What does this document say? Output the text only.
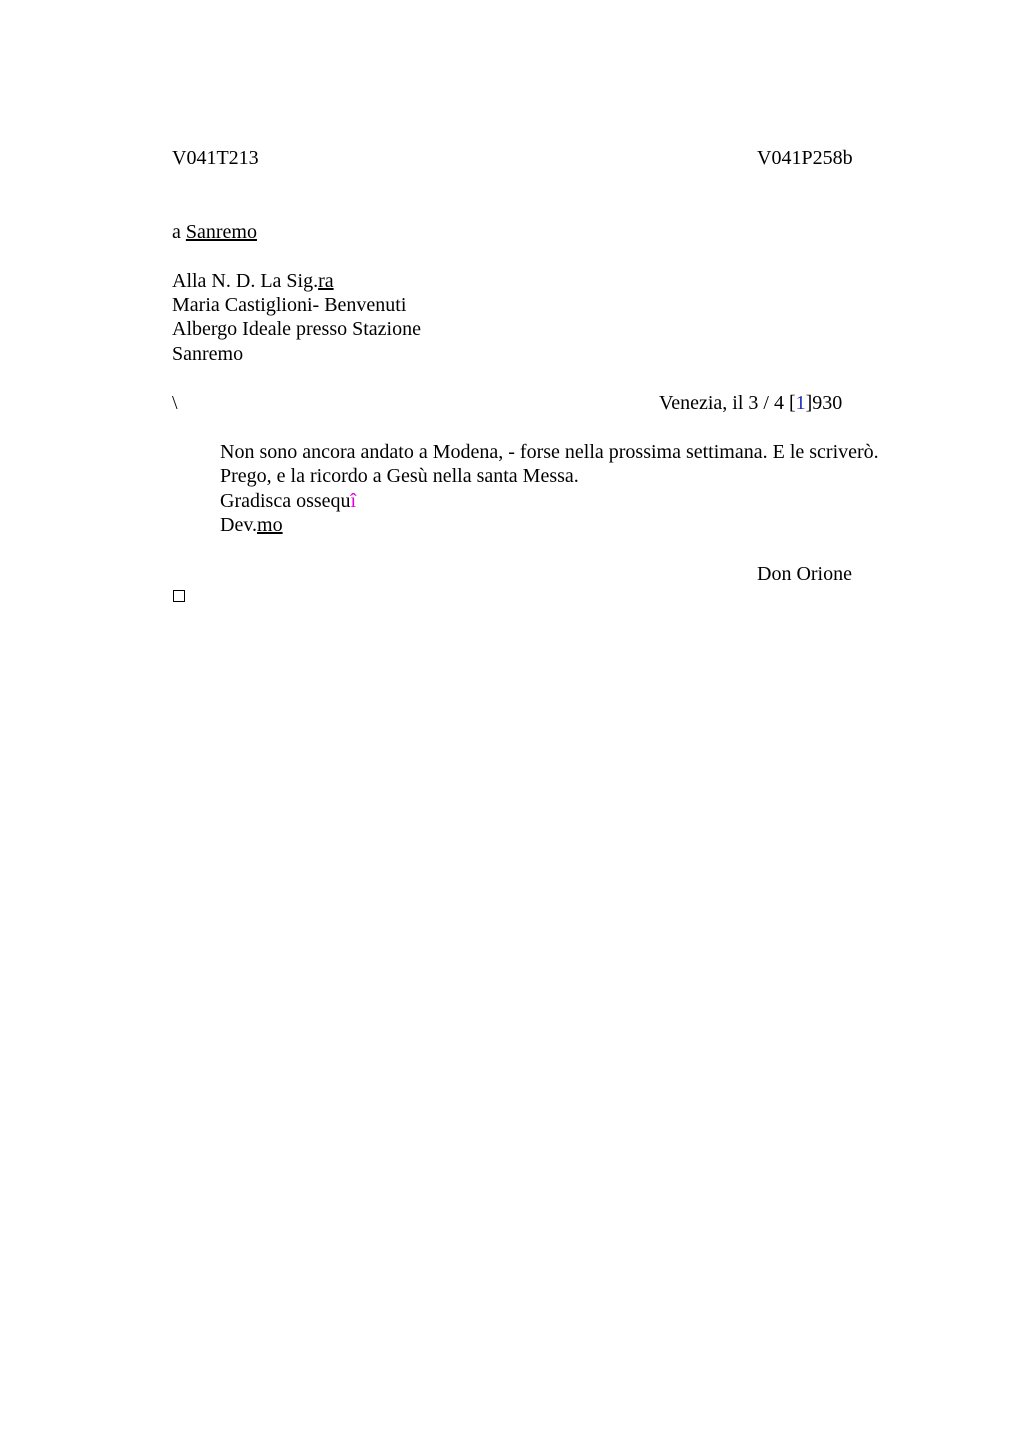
V041T213	V041P258b
a Sanremo
Alla N. D. La Sig.ra
Maria Castiglioni- Benvenuti
Albergo Ideale presso Stazione
Sanremo
\	Venezia, il 3 / 4 [1]930
Non sono ancora andato a Modena, - forse nella prossima settimana. E le scriverò.
Prego, e la ricordo a Gesù nella santa Messa.
Gradisca ossequî
Dev.mo
Don Orione
